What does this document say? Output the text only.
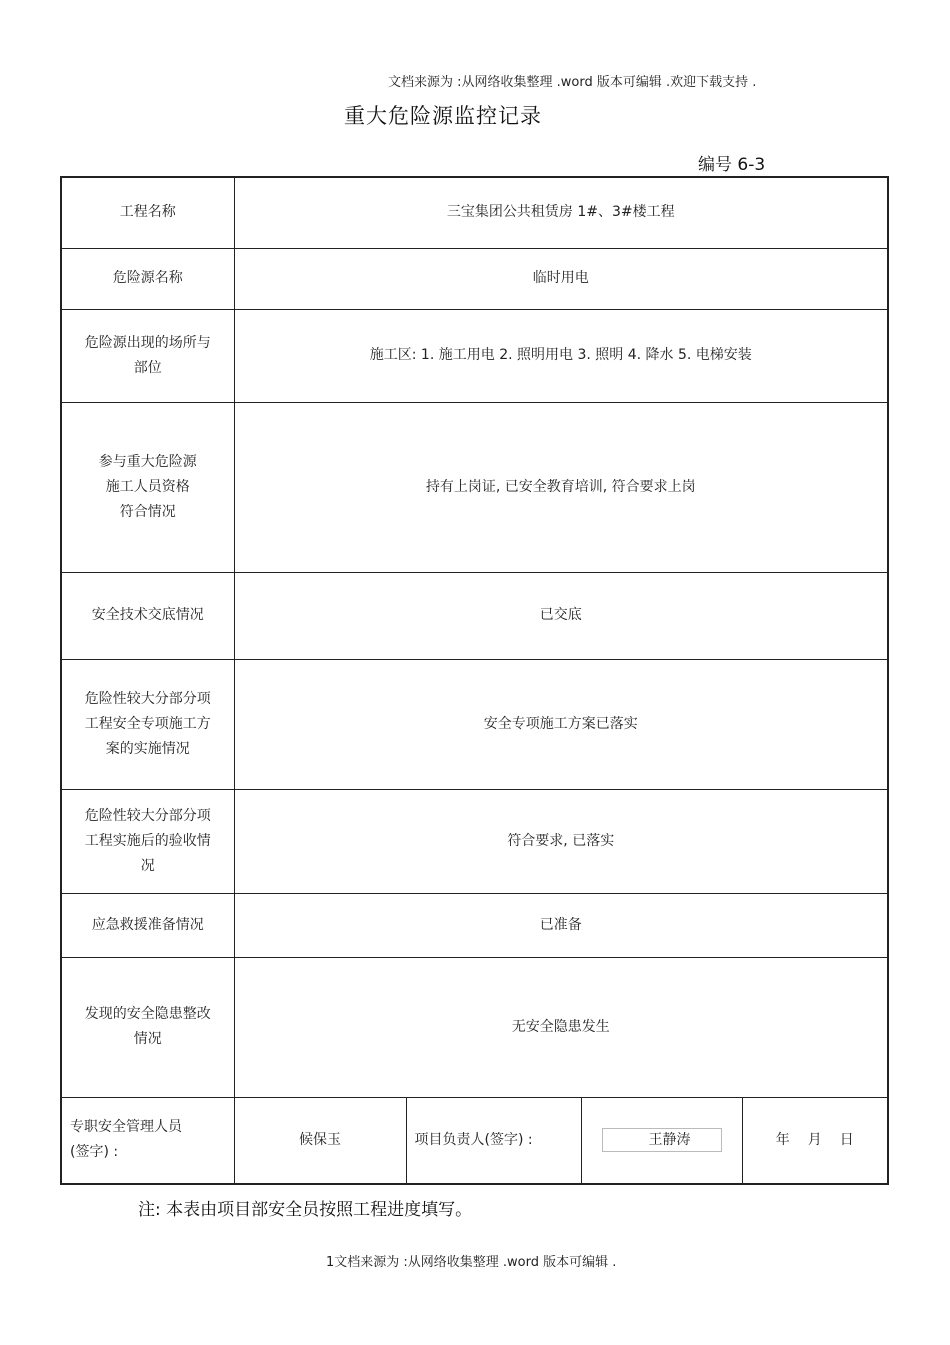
文档来源为 :从网络收集整理 .word 版本可编辑 .欢迎下载支持 .
重大危险源监控记录
编号 6-3
工程名称	三宝集团公共租赁房 1#、3#楼工程			
危险源名称	临时用电			
危险源出现的场所与
部位	施工区: 1. 施工用电 2. 照明用电 3. 照明 4. 降水 5. 电梯安装			
参与重大危险源
施工人员资格
符合情况	持有上岗证, 已安全教育培训, 符合要求上岗			
安全技术交底情况	已交底			
危险性较大分部分项
工程安全专项施工方
案的实施情况	安全专项施工方案已落实			
危险性较大分部分项
工程实施后的验收情
况	符合要求, 已落实			
应急救援准备情况	已准备			
发现的安全隐患整改
情况	无安全隐患发生			
专职安全管理人员
(签字) :	候保玉	项目负责人(签字) :	王静涛	年 月 日
注: 本表由项目部安全员按照工程进度填写。
1文档来源为 :从网络收集整理 .word 版本可编辑 .
